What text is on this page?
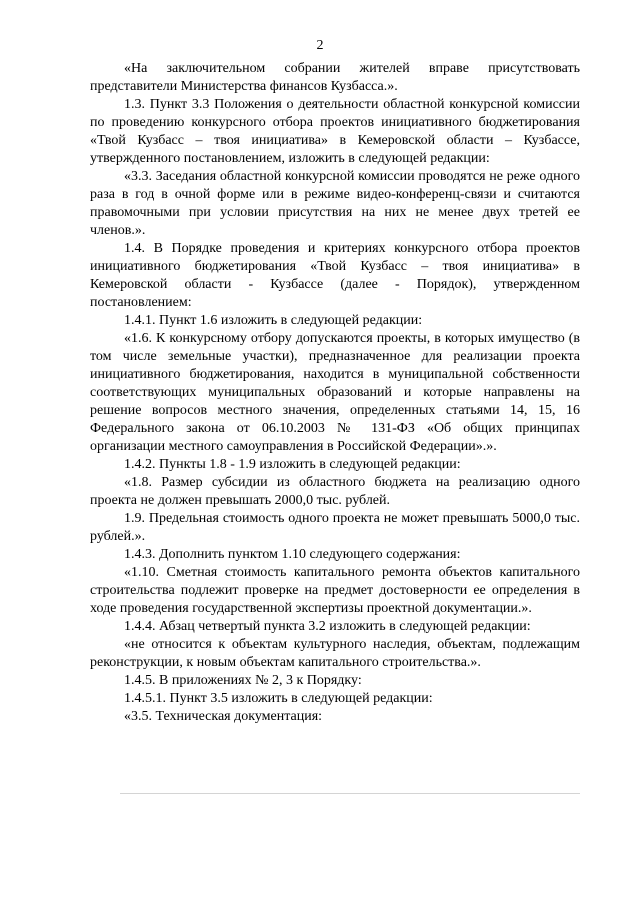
2

«На заключительном собрании жителей вправе присутствовать представители Министерства финансов Кузбасса.».

1.3. Пункт 3.3 Положения о деятельности областной конкурсной комиссии по проведению конкурсного отбора проектов инициативного бюджетирования «Твой Кузбасс – твоя инициатива» в Кемеровской области – Кузбассе, утвержденного постановлением, изложить в следующей редакции:

«3.3. Заседания областной конкурсной комиссии проводятся не реже одного раза в год в очной форме или в режиме видео-конференц-связи и считаются правомочными при условии присутствия на них не менее двух третей ее членов.».

1.4. В Порядке проведения и критериях конкурсного отбора проектов инициативного бюджетирования «Твой Кузбасс – твоя инициатива» в Кемеровской области - Кузбассе (далее - Порядок), утвержденном постановлением:

1.4.1. Пункт 1.6 изложить в следующей редакции:

«1.6. К конкурсному отбору допускаются проекты, в которых имущество (в том числе земельные участки), предназначенное для реализации проекта инициативного бюджетирования, находится в муниципальной собственности соответствующих муниципальных образований и которые направлены на решение вопросов местного значения, определенных статьями 14, 15, 16 Федерального закона от 06.10.2003 № 131-ФЗ «Об общих принципах организации местного самоуправления в Российской Федерации».».

1.4.2. Пункты 1.8 - 1.9 изложить в следующей редакции:

«1.8. Размер субсидии из областного бюджета на реализацию одного проекта не должен превышать 2000,0 тыс. рублей.

1.9. Предельная стоимость одного проекта не может превышать 5000,0 тыс. рублей.».

1.4.3. Дополнить пунктом 1.10 следующего содержания:

«1.10. Сметная стоимость капитального ремонта объектов капитального строительства подлежит проверке на предмет достоверности ее определения в ходе проведения государственной экспертизы проектной документации.».

1.4.4. Абзац четвертый пункта 3.2 изложить в следующей редакции:

«не относится к объектам культурного наследия, объектам, подлежащим реконструкции, к новым объектам капитального строительства.».

1.4.5. В приложениях № 2, 3 к Порядку:

1.4.5.1. Пункт 3.5 изложить в следующей редакции:

«3.5. Техническая документация:
